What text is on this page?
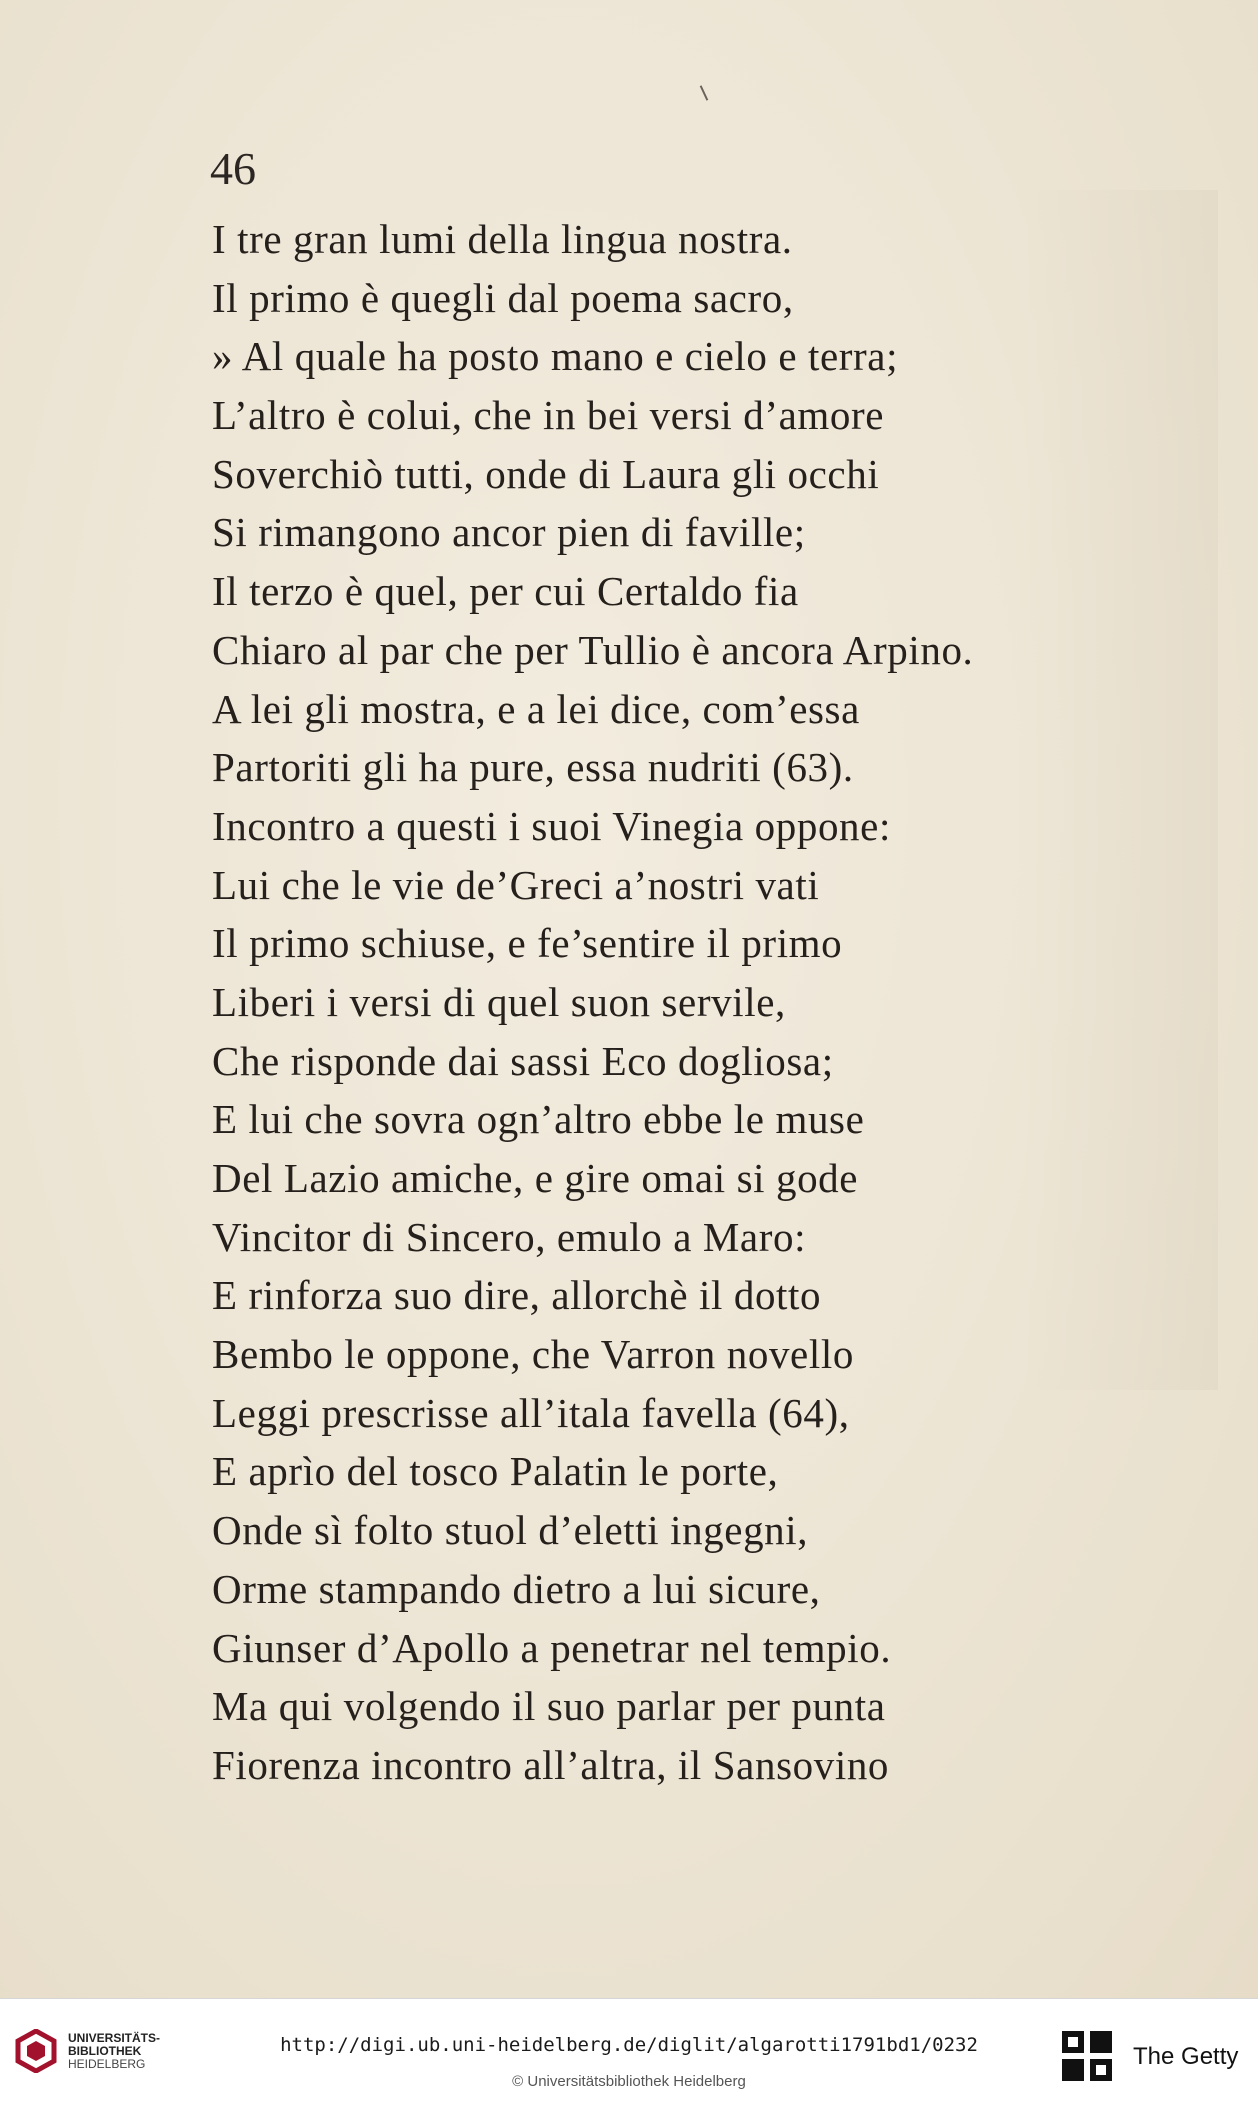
46
I tre gran lumi della lingua nostra.
Il primo è quegli dal poema sacro,
» Al quale ha posto mano e cielo e terra;
L’altro è colui, che in bei versi d’amore
Soverchiò tutti, onde di Laura gli occhi
Si rimangono ancor pien di faville;
Il terzo è quel, per cui Certaldo fia
Chiaro al par che per Tullio è ancora Arpino.
A lei gli mostra, e a lei dice, com’essa
Partoriti gli ha pure, essa nudriti (63).
Incontro a questi i suoi Vinegia oppone:
Lui che le vie de’Greci a’nostri vati
Il primo schiuse, e fe’sentire il primo
Liberi i versi di quel suon servile,
Che risponde dai sassi Eco dogliosa;
E lui che sovra ogn’altro ebbe le muse
Del Lazio amiche, e gire omai si gode
Vincitor di Sincero, emulo a Maro:
E rinforza suo dire, allorchè il dotto
Bembo le oppone, che Varron novello
Leggi prescrisse all’itala favella (64),
E aprìo del tosco Palatin le porte,
Onde sì folto stuol d’eletti ingegni,
Orme stampando dietro a lui sicure,
Giunser d’Apollo a penetrar nel tempio.
Ma qui volgendo il suo parlar per punta
Fiorenza incontro all’altra, il Sansovino
UNIVERSITÄTS-
BIBLIOTHEK
HEIDELBERG
http://digi.ub.uni-heidelberg.de/diglit/algarotti1791bd1/0232
© Universitätsbibliothek Heidelberg
The Getty
